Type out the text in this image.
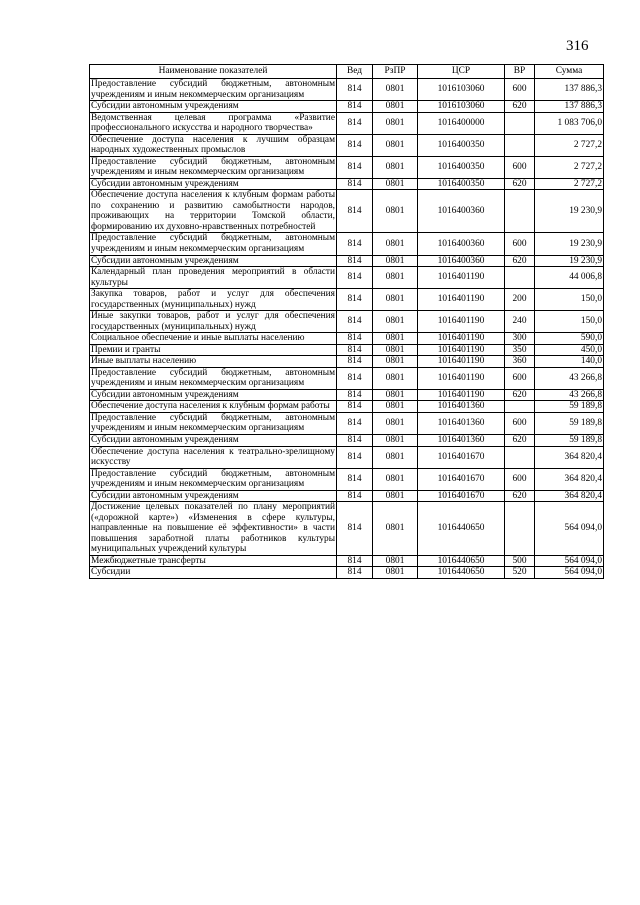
316
Наименование показателей	Вед	РзПР	ЦСР	ВР	Сумма
Предоставление субсидий бюджетным, автономным учреждениям и иным некоммерческим организациям	814	0801	1016103060	600	137 886,3
Субсидии автономным учреждениям	814	0801	1016103060	620	137 886,3
Ведомственная целевая программа «Развитие профессионального искусства и народного творчества»	814	0801	1016400000		1 083 706,0
Обеспечение доступа населения к лучшим образцам народных художественных промыслов	814	0801	1016400350		2 727,2
Предоставление субсидий бюджетным, автономным учреждениям и иным некоммерческим организациям	814	0801	1016400350	600	2 727,2
Субсидии автономным учреждениям	814	0801	1016400350	620	2 727,2
Обеспечение доступа населения к клубным формам работы по сохранению и развитию самобытности народов, проживающих на территории Томской области, формированию их духовно-нравственных потребностей	814	0801	1016400360		19 230,9
Предоставление субсидий бюджетным, автономным учреждениям и иным некоммерческим организациям	814	0801	1016400360	600	19 230,9
Субсидии автономным учреждениям	814	0801	1016400360	620	19 230,9
Календарный план проведения мероприятий в области культуры	814	0801	1016401190		44 006,8
Закупка товаров, работ и услуг для обеспечения государственных (муниципальных) нужд	814	0801	1016401190	200	150,0
Иные закупки товаров, работ и услуг для обеспечения государственных (муниципальных) нужд	814	0801	1016401190	240	150,0
Социальное обеспечение и иные выплаты населению	814	0801	1016401190	300	590,0
Премии и гранты	814	0801	1016401190	350	450,0
Иные выплаты населению	814	0801	1016401190	360	140,0
Предоставление субсидий бюджетным, автономным учреждениям и иным некоммерческим организациям	814	0801	1016401190	600	43 266,8
Субсидии автономным учреждениям	814	0801	1016401190	620	43 266,8
Обеспечение доступа населения к клубным формам работы	814	0801	1016401360		59 189,8
Предоставление субсидий бюджетным, автономным учреждениям и иным некоммерческим организациям	814	0801	1016401360	600	59 189,8
Субсидии автономным учреждениям	814	0801	1016401360	620	59 189,8
Обеспечение доступа населения к театрально-зрелищному искусству	814	0801	1016401670		364 820,4
Предоставление субсидий бюджетным, автономным учреждениям и иным некоммерческим организациям	814	0801	1016401670	600	364 820,4
Субсидии автономным учреждениям	814	0801	1016401670	620	364 820,4
Достижение целевых показателей по плану мероприятий («дорожной карте») «Изменения в сфере культуры, направленные на повышение её эффективности» в части повышения заработной платы работников культуры муниципальных учреждений культуры	814	0801	1016440650		564 094,0
Межбюджетные трансферты	814	0801	1016440650	500	564 094,0
Субсидии	814	0801	1016440650	520	564 094,0
